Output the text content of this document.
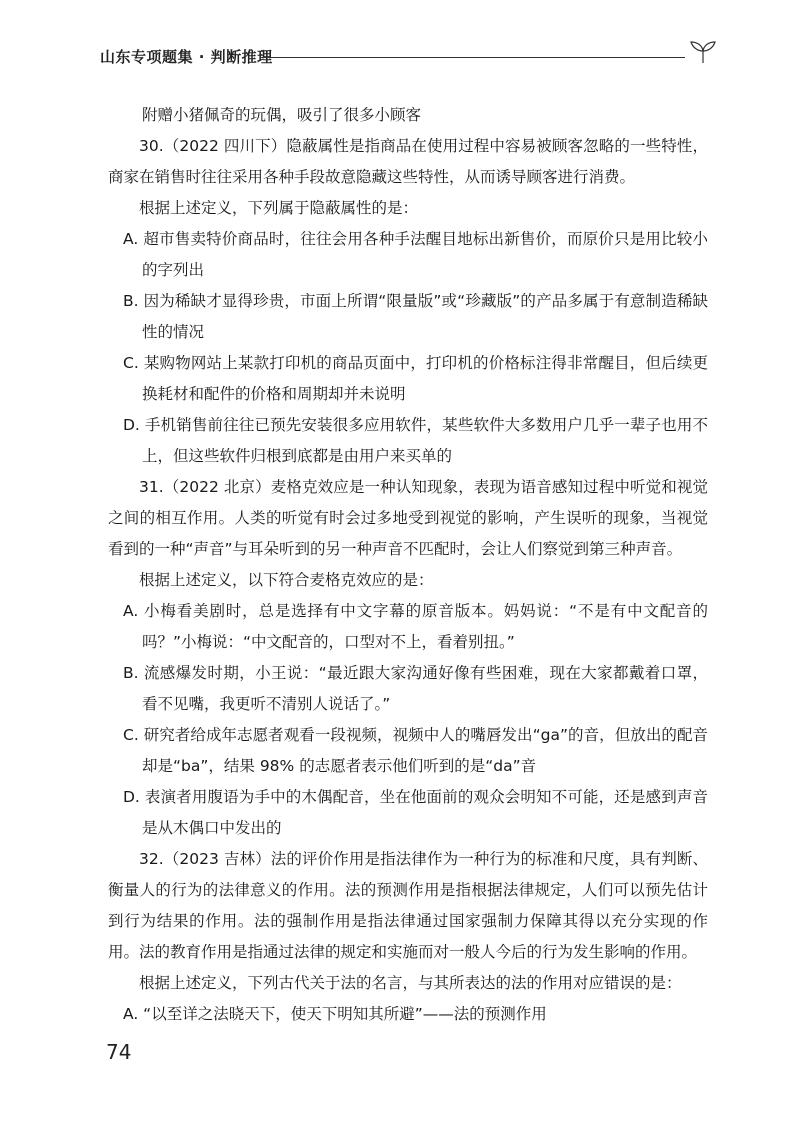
山东专项题集 · 判断推理

附赠小猪佩奇的玩偶，吸引了很多小顾客

30.（2022 四川下）隐蔽属性是指商品在使用过程中容易被顾客忽略的一些特性，商家在销售时往往采用各种手段故意隐藏这些特性，从而诱导顾客进行消费。

根据上述定义，下列属于隐蔽属性的是：

A. 超市售卖特价商品时，往往会用各种手法醒目地标出新售价，而原价只是用比较小的字列出

B. 因为稀缺才显得珍贵，市面上所谓“限量版”或“珍藏版”的产品多属于有意制造稀缺性的情况

C. 某购物网站上某款打印机的商品页面中，打印机的价格标注得非常醒目，但后续更换耗材和配件的价格和周期却并未说明

D. 手机销售前往往已预先安装很多应用软件，某些软件大多数用户几乎一辈子也用不上，但这些软件归根到底都是由用户来买单的

31.（2022 北京）麦格克效应是一种认知现象，表现为语音感知过程中听觉和视觉之间的相互作用。人类的听觉有时会过多地受到视觉的影响，产生误听的现象，当视觉看到的一种“声音”与耳朵听到的另一种声音不匹配时，会让人们察觉到第三种声音。

根据上述定义，以下符合麦格克效应的是：

A. 小梅看美剧时，总是选择有中文字幕的原音版本。妈妈说：“不是有中文配音的吗？”小梅说：“中文配音的，口型对不上，看着别扭。”

B. 流感爆发时期，小王说：“最近跟大家沟通好像有些困难，现在大家都戴着口罩，看不见嘴，我更听不清别人说话了。”

C. 研究者给成年志愿者观看一段视频，视频中人的嘴唇发出“ga”的音，但放出的配音却是“ba”，结果 98% 的志愿者表示他们听到的是“da”音

D. 表演者用腹语为手中的木偶配音，坐在他面前的观众会明知不可能，还是感到声音是从木偶口中发出的

32.（2023 吉林）法的评价作用是指法律作为一种行为的标准和尺度，具有判断、衡量人的行为的法律意义的作用。法的预测作用是指根据法律规定，人们可以预先估计到行为结果的作用。法的强制作用是指法律通过国家强制力保障其得以充分实现的作用。法的教育作用是指通过法律的规定和实施而对一般人今后的行为发生影响的作用。

根据上述定义，下列古代关于法的名言，与其所表达的法的作用对应错误的是：

A. “以至详之法晓天下，使天下明知其所避”——法的预测作用

74
